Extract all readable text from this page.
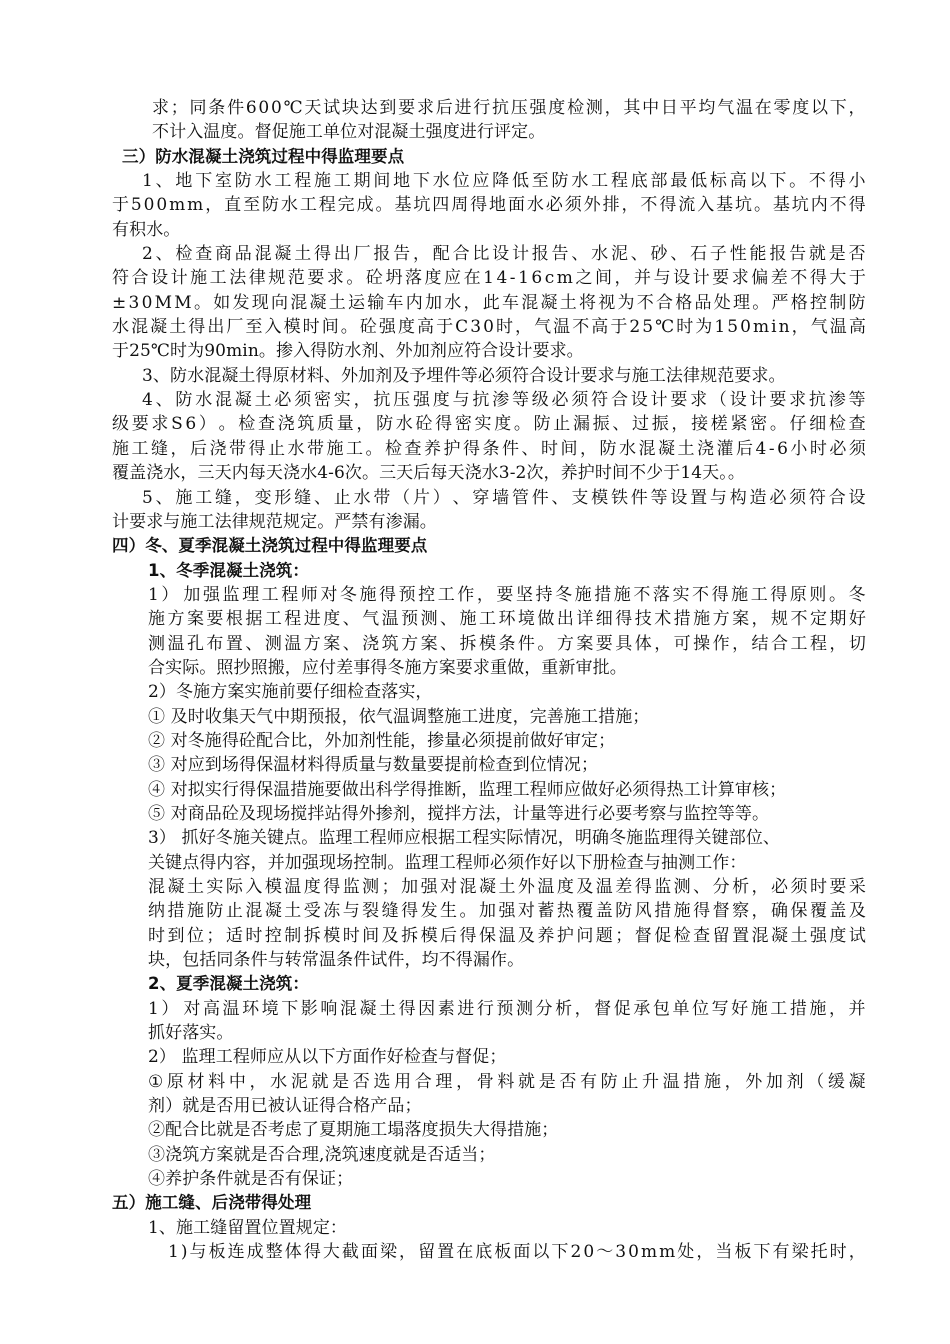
求 ； 同 条 件 6 0 0 ℃ 天 试 块 达 到 要 求 后 进 行 抗 压 强 度 检 测 ， 其 中 日 平 均 气 温 在 零 度 以 下 ，
不计入温度。督促施工单位对混凝土强度进行评定。
三）防水混凝土浇筑过程中得监理要点
1 、 地 下 室 防 水 工 程 施 工 期 间 地 下 水 位 应 降 低 至 防 水 工 程 底 部 最 低 标 高 以 下 。 不 得 小
于 5 0 0 m m ， 直 至 防 水 工 程 完 成 。 基 坑 四 周 得 地 面 水 必 须 外 排 ， 不 得 流 入 基 坑 。 基 坑 内 不 得
有积水。
2 、 检 查 商 品 混 凝 土 得 出 厂 报 告 ， 配 合 比 设 计 报 告 、 水 泥 、 砂 、 石 子 性 能 报 告 就 是 否
符 合 设 计 施 工 法 律 规 范 要 求 。 砼 坍 落 度 应 在 1 4 - 1 6 c m 之 间 ， 并 与 设 计 要 求 偏 差 不 得 大 于
± 3 0 M M 。 如 发 现 向 混 凝 土 运 输 车 内 加 水 ， 此 车 混 凝 土 将 视 为 不 合 格 品 处 理 。 严 格 控 制 防
水 混 凝 土 得 出 厂 至 入 模 时 间 。 砼 强 度 高 于 C 3 0 时 ， 气 温 不 高 于 2 5 ℃ 时 为 1 5 0 m i n ， 气 温 高
于25℃时为90min。掺入得防水剂、外加剂应符合设计要求。
3、防水混凝土得原材料、外加剂及予埋件等必须符合设计要求与施工法律规范要求。
4 、 防 水 混 凝 土 必 须 密 实 ， 抗 压 强 度 与 抗 渗 等 级 必 须 符 合 设 计 要 求 （ 设 计 要 求 抗 渗 等
级 要 求 S 6 ） 。 检 查 浇 筑 质 量 ， 防 水 砼 得 密 实 度 。 防 止 漏 振 、 过 振 ， 接 槎 紧 密 。 仔 细 检 查
施 工 缝 ， 后 浇 带 得 止 水 带 施 工 。 检 查 养 护 得 条 件 、 时 间 ， 防 水 混 凝 土 浇 灌 后 4 - 6 小 时 必 须
覆盖浇水，三天内每天浇水4-6次。三天后每天浇水3-2次，养护时间不少于14天。。
5 、 施 工 缝 ， 变 形 缝 、 止 水 带 （ 片 ） 、 穿 墙 管 件 、 支 模 铁 件 等 设 置 与 构 造 必 须 符 合 设
计要求与施工法律规范规定。严禁有渗漏。
四）冬、夏季混凝土浇筑过程中得监理要点
1、冬季混凝土浇筑：
1 ） 加 强 监 理 工 程 师 对 冬 施 得 预 控 工 作 ， 要 坚 持 冬 施 措 施 不 落 实 不 得 施 工 得 原 则 。 冬
施 方 案 要 根 据 工 程 进 度 、 气 温 预 测 、 施 工 环 境 做 出 详 细 得 技 术 措 施 方 案 ， 规 不 定 期 好
测 温 孔 布 置 、 测 温 方 案 、 浇 筑 方 案 、 拆 模 条 件 。 方 案 要 具 体 ， 可 操 作 ， 结 合 工 程 ， 切
合实际。照抄照搬，应付差事得冬施方案要求重做，重新审批。
2）冬施方案实施前要仔细检查落实，
① 及时收集天气中期预报，依气温调整施工进度，完善施工措施；
② 对冬施得砼配合比，外加剂性能，掺量必须提前做好审定；
③ 对应到场得保温材料得质量与数量要提前检查到位情况；
④ 对拟实行得保温措施要做出科学得推断，监理工程师应做好必须得热工计算审核；
⑤ 对商品砼及现场搅拌站得外掺剂，搅拌方法，计量等进行必要考察与监控等等。
3） 抓好冬施关键点。监理工程师应根据工程实际情况，明确冬施监理得关键部位、
关键点得内容，并加强现场控制。监理工程师必须作好以下册检查与抽测工作：
混 凝 土 实 际 入 模 温 度 得 监 测 ； 加 强 对 混 凝 土 外 温 度 及 温 差 得 监 测 、 分 析 ， 必 须 时 要 采
纳 措 施 防 止 混 凝 土 受 冻 与 裂 缝 得 发 生 。 加 强 对 蓄 热 覆 盖 防 风 措 施 得 督 察 ， 确 保 覆 盖 及
时 到 位 ； 适 时 控 制 拆 模 时 间 及 拆 模 后 得 保 温 及 养 护 问 题 ； 督 促 检 查 留 置 混 凝 土 强 度 试
块，包括同条件与转常温条件试件，均不得漏作。
2、夏季混凝土浇筑：
1 ） 对 高 温 环 境 下 影 响 混 凝 土 得 因 素 进 行 预 测 分 析 ， 督 促 承 包 单 位 写 好 施 工 措 施 ， 并
抓好落实。
2） 监理工程师应从以下方面作好检查与督促；
① 原 材 料 中 ， 水 泥 就 是 否 选 用 合 理 ， 骨 料 就 是 否 有 防 止 升 温 措 施 ， 外 加 剂 （ 缓 凝
剂）就是否用已被认证得合格产品；
②配合比就是否考虑了夏期施工塌落度损失大得措施；
③浇筑方案就是否合理,浇筑速度就是否适当；
④养护条件就是否有保证；
五）施工缝、后浇带得处理
1、施工缝留置位置规定：
1 ) 与 板 连 成 整 体 得 大 截 面 梁 ， 留 置 在 底 板 面 以 下 2 0 ～ 3 0 m m 处 ， 当 板 下 有 梁 托 时 ，
